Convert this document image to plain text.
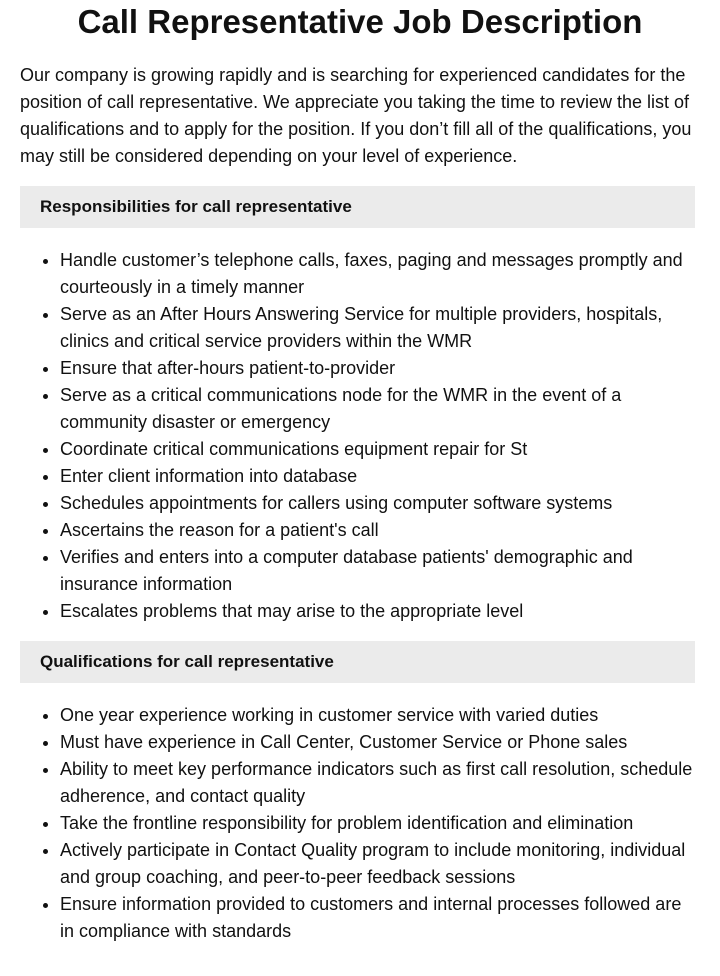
Call Representative Job Description

Our company is growing rapidly and is searching for experienced candidates for the position of call representative. We appreciate you taking the time to review the list of qualifications and to apply for the position. If you don’t fill all of the qualifications, you may still be considered depending on your level of experience.

Responsibilities for call representative
• Handle customer’s telephone calls, faxes, paging and messages promptly and courteously in a timely manner
• Serve as an After Hours Answering Service for multiple providers, hospitals, clinics and critical service providers within the WMR
• Ensure that after-hours patient-to-provider
• Serve as a critical communications node for the WMR in the event of a community disaster or emergency
• Coordinate critical communications equipment repair for St
• Enter client information into database
• Schedules appointments for callers using computer software systems
• Ascertains the reason for a patient's call
• Verifies and enters into a computer database patients' demographic and insurance information
• Escalates problems that may arise to the appropriate level
Qualifications for call representative
• One year experience working in customer service with varied duties
• Must have experience in Call Center, Customer Service or Phone sales
• Ability to meet key performance indicators such as first call resolution, schedule adherence, and contact quality
• Take the frontline responsibility for problem identification and elimination
• Actively participate in Contact Quality program to include monitoring, individual and group coaching, and peer-to-peer feedback sessions
• Ensure information provided to customers and internal processes followed are in compliance with standards
